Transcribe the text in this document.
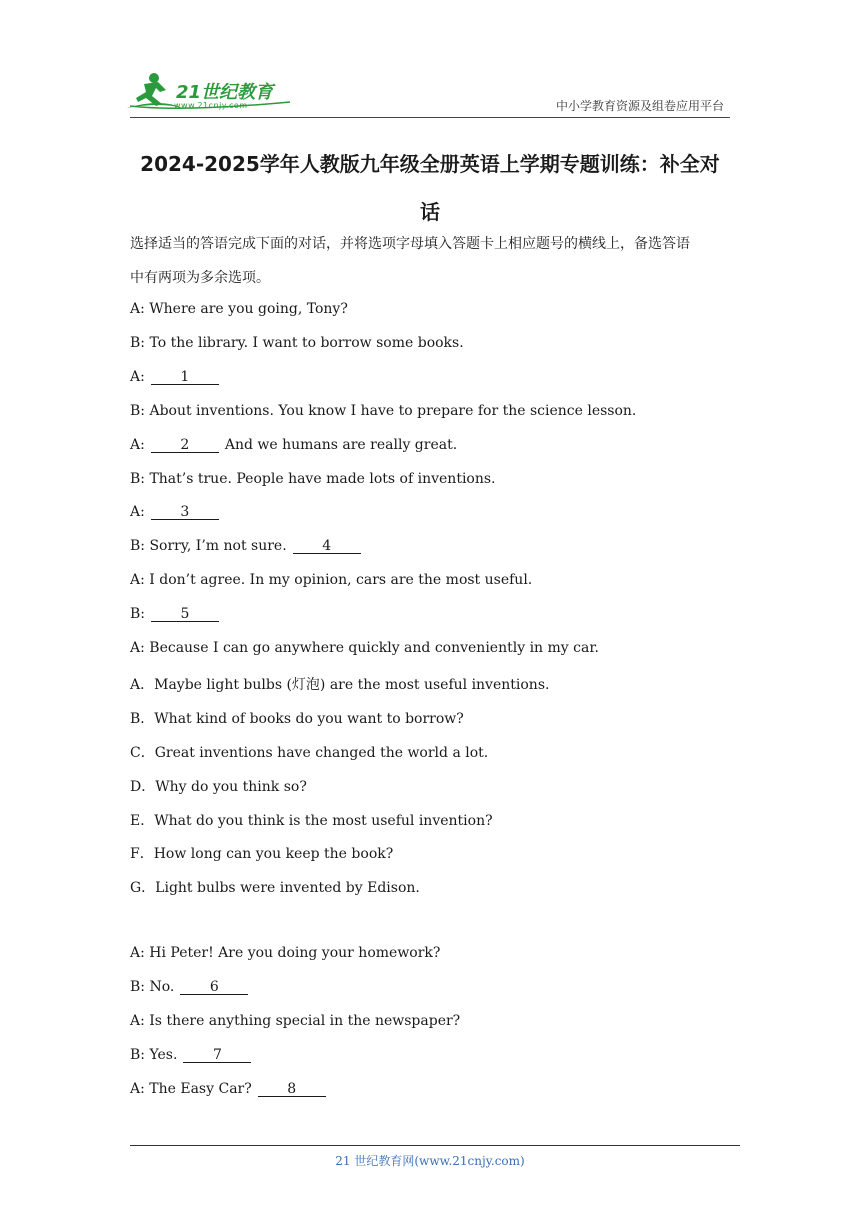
21世纪教育
www.21cnjy.com	中小学教育资源及组卷应用平台
2024-2025学年人教版九年级全册英语上学期专题训练：补全对
话
选择适当的答语完成下面的对话，并将选项字母填入答题卡上相应题号的横线上，备选答语
中有两项为多余选项。
A: Where are you going, Tony?
B: To the library. I want to borrow some books.
A:	1
B: About inventions. You know I have to prepare for the science lesson.
A:	2	And we humans are really great.
B: That’s true. People have made lots of inventions.
A:	3
B: Sorry, I’m not sure.	4
A: I don’t agree. In my opinion, cars are the most useful.
B:	5
A: Because I can go anywhere quickly and conveniently in my car.
A．Maybe light bulbs (灯泡) are the most useful inventions.
B．What kind of books do you want to borrow?
C．Great inventions have changed the world a lot.
D．Why do you think so?
E．What do you think is the most useful invention?
F．How long can you keep the book?
G．Light bulbs were invented by Edison.
A: Hi Peter! Are you doing your homework?
B: No.	6
A: Is there anything special in the newspaper?
B: Yes.	7
A: The Easy Car?	8
21 世纪教育网(www.21cnjy.com)
